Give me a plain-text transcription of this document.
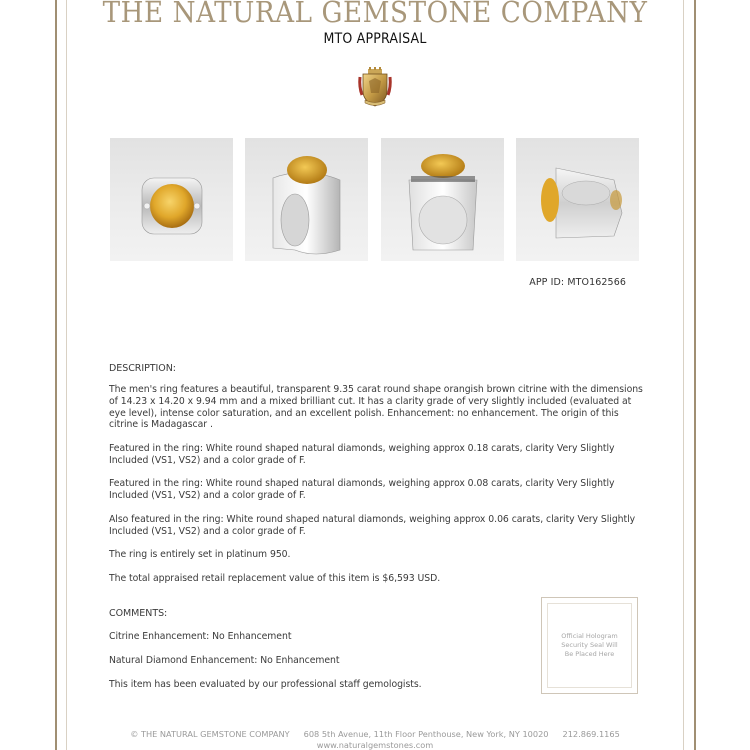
THE NATURAL GEMSTONE COMPANY
MTO APPRAISAL
APP ID: MTO162566
DESCRIPTION:
The men's ring features a beautiful, transparent 9.35 carat round shape orangish brown citrine with the dimensions of 14.23 x 14.20 x 9.94 mm and a mixed brilliant cut. It has a clarity grade of very slightly included (evaluated at eye level), intense color saturation, and an excellent polish. Enhancement: no enhancement. The origin of this citrine is Madagascar .
Featured in the ring: White round shaped natural diamonds, weighing approx 0.18 carats, clarity Very Slightly Included (VS1, VS2) and a color grade of F.
Featured in the ring: White round shaped natural diamonds, weighing approx 0.08 carats, clarity Very Slightly Included (VS1, VS2) and a color grade of F.
Also featured in the ring: White round shaped natural diamonds, weighing approx 0.06 carats, clarity Very Slightly Included (VS1, VS2) and a color grade of F.
The ring is entirely set in platinum 950.
The total appraised retail replacement value of this item is $6,593 USD.
COMMENTS:
Citrine Enhancement: No Enhancement
Natural Diamond Enhancement: No Enhancement
This item has been evaluated by our professional staff gemologists.
Official Hologram
Security Seal Will
Be Placed Here
© THE NATURAL GEMSTONE COMPANY 608 5th Avenue, 11th Floor Penthouse, New York, NY 10020 212.869.1165
www.naturalgemstones.com
